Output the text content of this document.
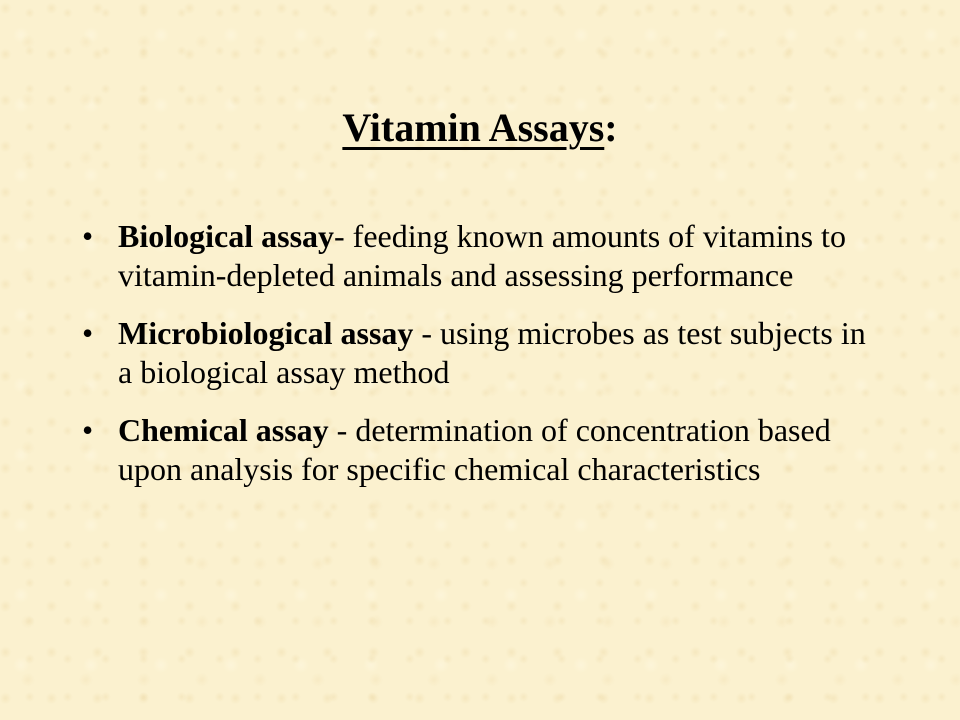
Vitamin Assays:
• Biological assay- feeding known amounts of vitamins to vitamin-depleted animals and assessing performance
• Microbiological assay - using microbes as test subjects in a biological assay method
• Chemical assay - determination of concentration based upon analysis for specific chemical characteristics
